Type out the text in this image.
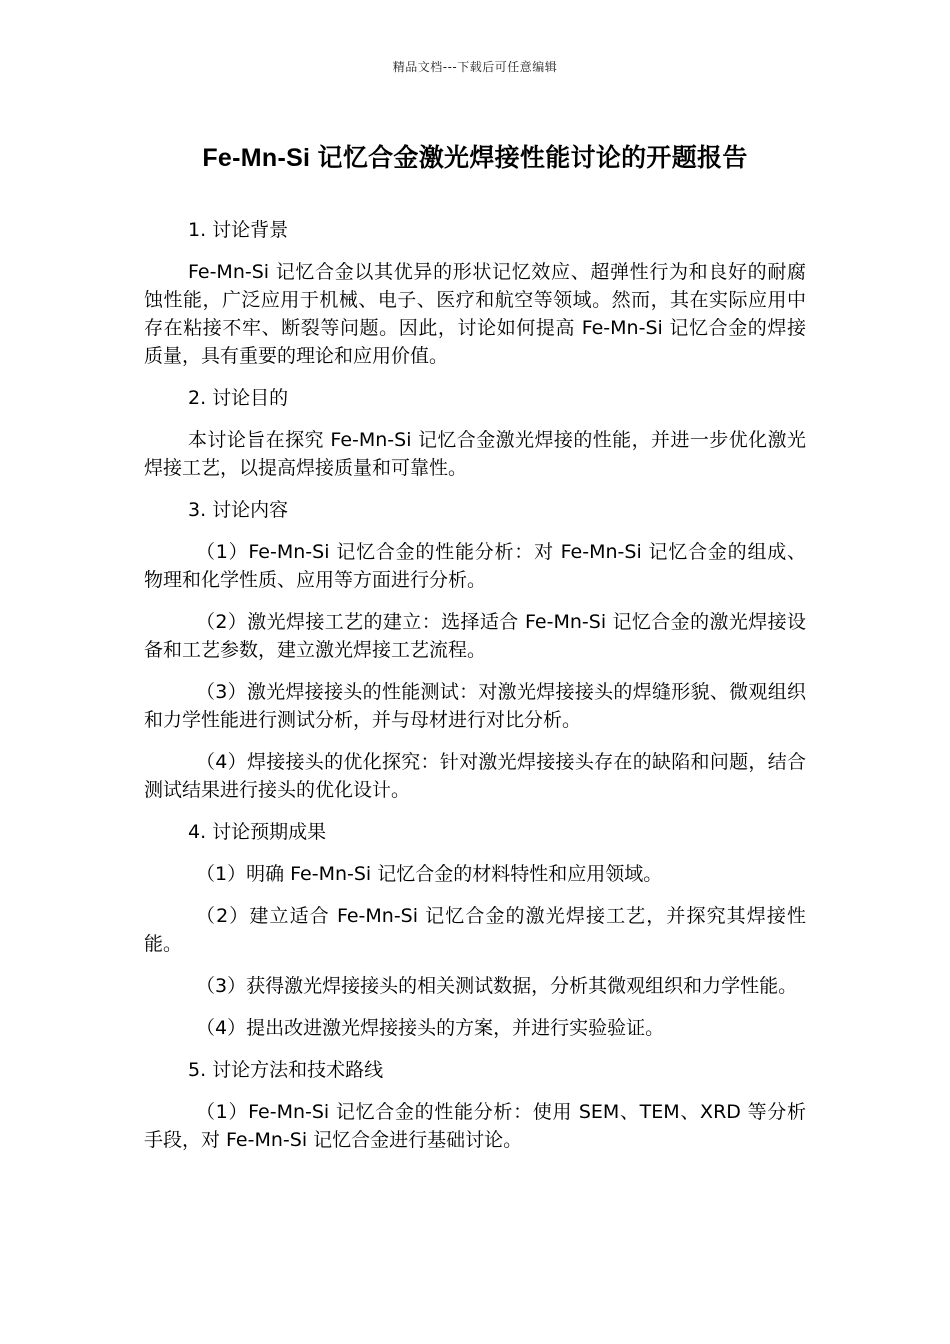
精品文档---下载后可任意编辑
Fe-Mn-Si 记忆合金激光焊接性能讨论的开题报告
1. 讨论背景
Fe-Mn-Si 记忆合金以其优异的形状记忆效应、超弹性行为和良好的耐腐蚀性能，广泛应用于机械、电子、医疗和航空等领域。然而，其在实际应用中存在粘接不牢、断裂等问题。因此，讨论如何提高 Fe-Mn-Si 记忆合金的焊接质量，具有重要的理论和应用价值。
2. 讨论目的
本讨论旨在探究 Fe-Mn-Si 记忆合金激光焊接的性能，并进一步优化激光焊接工艺，以提高焊接质量和可靠性。
3. 讨论内容
（1）Fe-Mn-Si 记忆合金的性能分析：对 Fe-Mn-Si 记忆合金的组成、物理和化学性质、应用等方面进行分析。
（2）激光焊接工艺的建立：选择适合 Fe-Mn-Si 记忆合金的激光焊接设备和工艺参数，建立激光焊接工艺流程。
（3）激光焊接接头的性能测试：对激光焊接接头的焊缝形貌、微观组织和力学性能进行测试分析，并与母材进行对比分析。
（4）焊接接头的优化探究：针对激光焊接接头存在的缺陷和问题，结合测试结果进行接头的优化设计。
4. 讨论预期成果
（1）明确 Fe-Mn-Si 记忆合金的材料特性和应用领域。
（2）建立适合 Fe-Mn-Si 记忆合金的激光焊接工艺，并探究其焊接性能。
（3）获得激光焊接接头的相关测试数据，分析其微观组织和力学性能。
（4）提出改进激光焊接接头的方案，并进行实验验证。
5. 讨论方法和技术路线
（1）Fe-Mn-Si 记忆合金的性能分析：使用 SEM、TEM、XRD 等分析手段，对 Fe-Mn-Si 记忆合金进行基础讨论。
